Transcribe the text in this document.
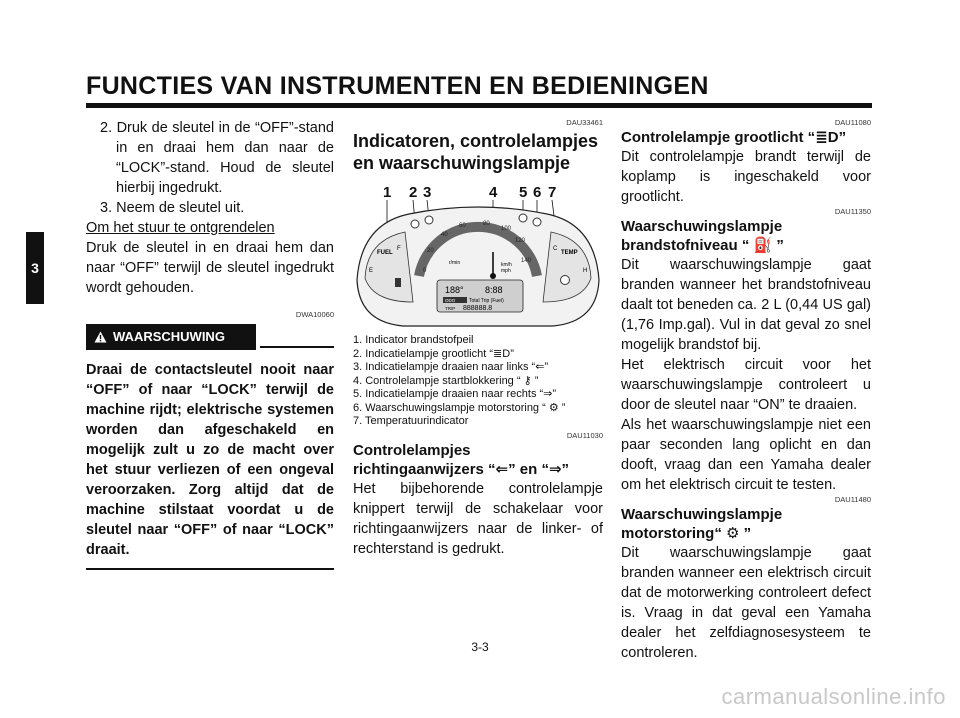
FUNCTIES VAN INSTRUMENTEN EN BEDIENINGEN
3

2. Druk de sleutel in de “OFF”-stand in en draai hem dan naar de “LOCK”-stand. Houd de sleutel hierbij ingedrukt.

3. Neem de sleutel uit.

Om het stuur te ontgrendelen

Druk de sleutel in en draai hem dan naar “OFF” terwijl de sleutel ingedrukt wordt gehouden.

DWA10060
WAARSCHUWING

Draai de contactsleutel nooit naar “OFF” of naar “LOCK” terwijl de machine rijdt; elektrische systemen worden dan afgeschakeld en mogelijk zult u zo de macht over het stuur verliezen of een ongeval veroorzaken. Zorg altijd dat de machine stilstaat voordat u de sleutel naar “OFF” of naar “LOCK” draait.

DAU33461
Indicatoren, controlelampjes en waarschuwingslampje
1 2 3	4 5 6 7
FUEL
E
F
TEMP
H
C
0
20
40
60	80
100
120
140
km/h
mph
r/min
188° 8:88
ODO	Total Trip (Fuel)
TRIP 888888.8
1. Indicator brandstofpeil
2. Indicatielampje grootlicht “≣D”
3. Indicatielampje draaien naar links “⇐”
4. Controlelampje startblokkering “ ⚷ ”
5. Indicatielampje draaien naar rechts “⇒”
6. Waarschuwingslampje motorstoring “ ⚙ ”
7. Temperatuurindicator
DAU11030
Controlelampjes richtingaanwijzers “⇐” en “⇒”

Het bijbehorende controlelampje knippert terwijl de schakelaar voor richtingaanwijzers naar de linker- of rechterstand is gedrukt.

DAU11080
Controlelampje grootlicht “≣D”

Dit controlelampje brandt terwijl de koplamp is ingeschakeld voor grootlicht.

DAU11350
Waarschuwingslampje brandstofniveau “ ⛽ ”

Dit waarschuwingslampje gaat branden wanneer het brandstofniveau daalt tot beneden ca. 2 L (0,44 US gal) (1,76 Imp.gal). Vul in dat geval zo snel mogelijk brandstof bij.

Het elektrisch circuit voor het waarschuwingslampje controleert u door de sleutel naar “ON” te draaien.

Als het waarschuwingslampje niet een paar seconden lang oplicht en dan dooft, vraag dan een Yamaha dealer om het elektrisch circuit te testen.

DAU11480
Waarschuwingslampje motorstoring“ ⚙ ”

Dit waarschuwingslampje gaat branden wanneer een elektrisch circuit dat de motorwerking controleert defect is. Vraag in dat geval een Yamaha dealer het zelfdiagnosesysteem te controleren.

3-3
carmanualsonline.info
